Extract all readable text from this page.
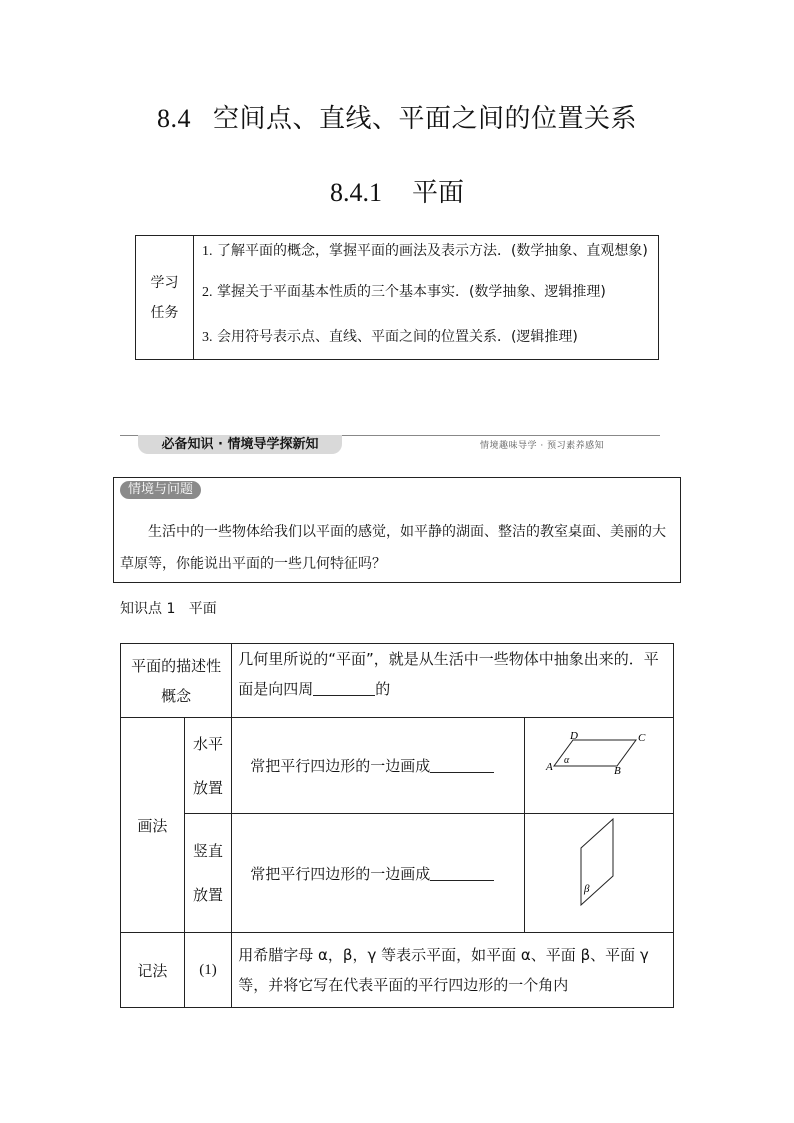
8.4 空间点、直线、平面之间的位置关系
8.4.1 平面
学习
任务

1. 了解平面的概念，掌握平面的画法及表示方法．(数学抽象、直观想象)
2. 掌握关于平面基本性质的三个基本事实．(数学抽象、逻辑推理)
3. 会用符号表示点、直线、平面之间的位置关系．(逻辑推理)
必备知识 · 情境导学探新知	情境趣味导学 · 预习素养感知
情境与问题
生活中的一些物体给我们以平面的感觉，如平静的湖面、整洁的教室桌面、美丽的大草原等，你能说出平面的一些几何特征吗？
知识点 1 平面
平面的描述性概念		几何里所说的“平面”，就是从生活中一些物体中抽象出来的．平面是向四周 的	
画法	水平放置	常把平行四边形的一边画成	D C
A B
α

	竖直放置	常把平行四边形的一边画成	β

记法	(1)	用希腊字母 α，β，γ 等表示平面，如平面 α、平面 β、平面 γ 等，并将它写在代表平面的平行四边形的一个角内	
